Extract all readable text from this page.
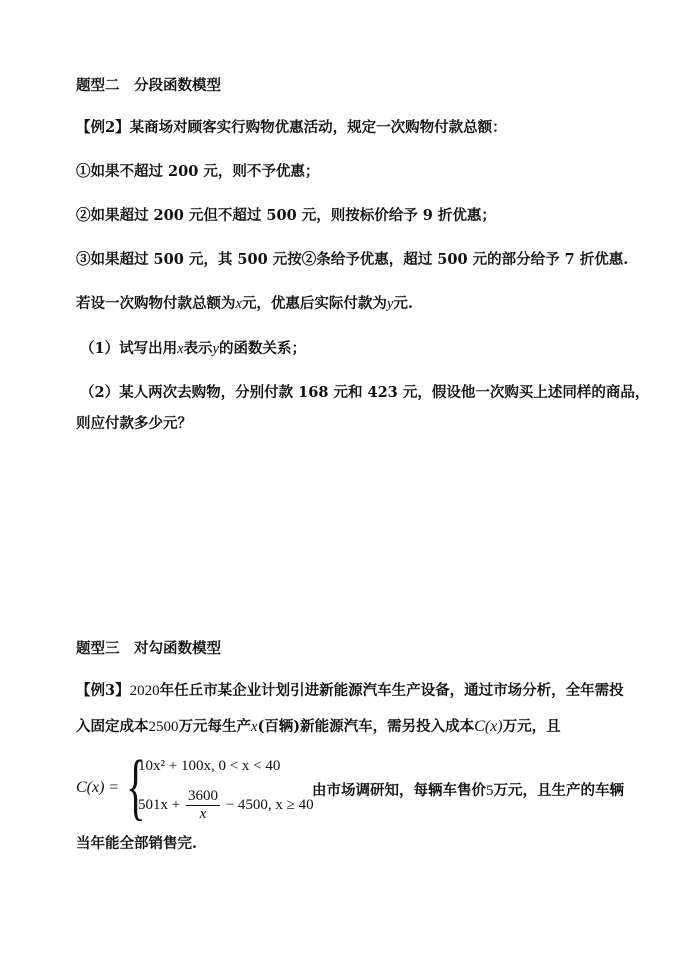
题型二　分段函数模型
【例2】某商场对顾客实行购物优惠活动，规定一次购物付款总额：
①如果不超过 200 元，则不予优惠；
②如果超过 200 元但不超过 500 元，则按标价给予 9 折优惠；
③如果超过 500 元，其 500 元按②条给予优惠，超过 500 元的部分给予 7 折优惠.
若设一次购物付款总额为x元，优惠后实际付款为y元.
（1）试写出用x表示y的函数关系；
（2）某人两次去购物，分别付款 168 元和 423 元，假设他一次购买上述同样的商品，
则应付款多少元？
题型三　对勾函数模型
【例3】2020年任丘市某企业计划引进新能源汽车生产设备，通过市场分析，全年需投
入固定成本2500万元每生产x(百辆)新能源汽车，需另投入成本C(x)万元，且
C(x) = {
10x² + 100x, 0 < x < 40
$501x + \frac{3600}{x} - 4500$, x ≥ 40
由市场调研知，每辆车售价5万元，且生产的车辆
当年能全部销售完.
